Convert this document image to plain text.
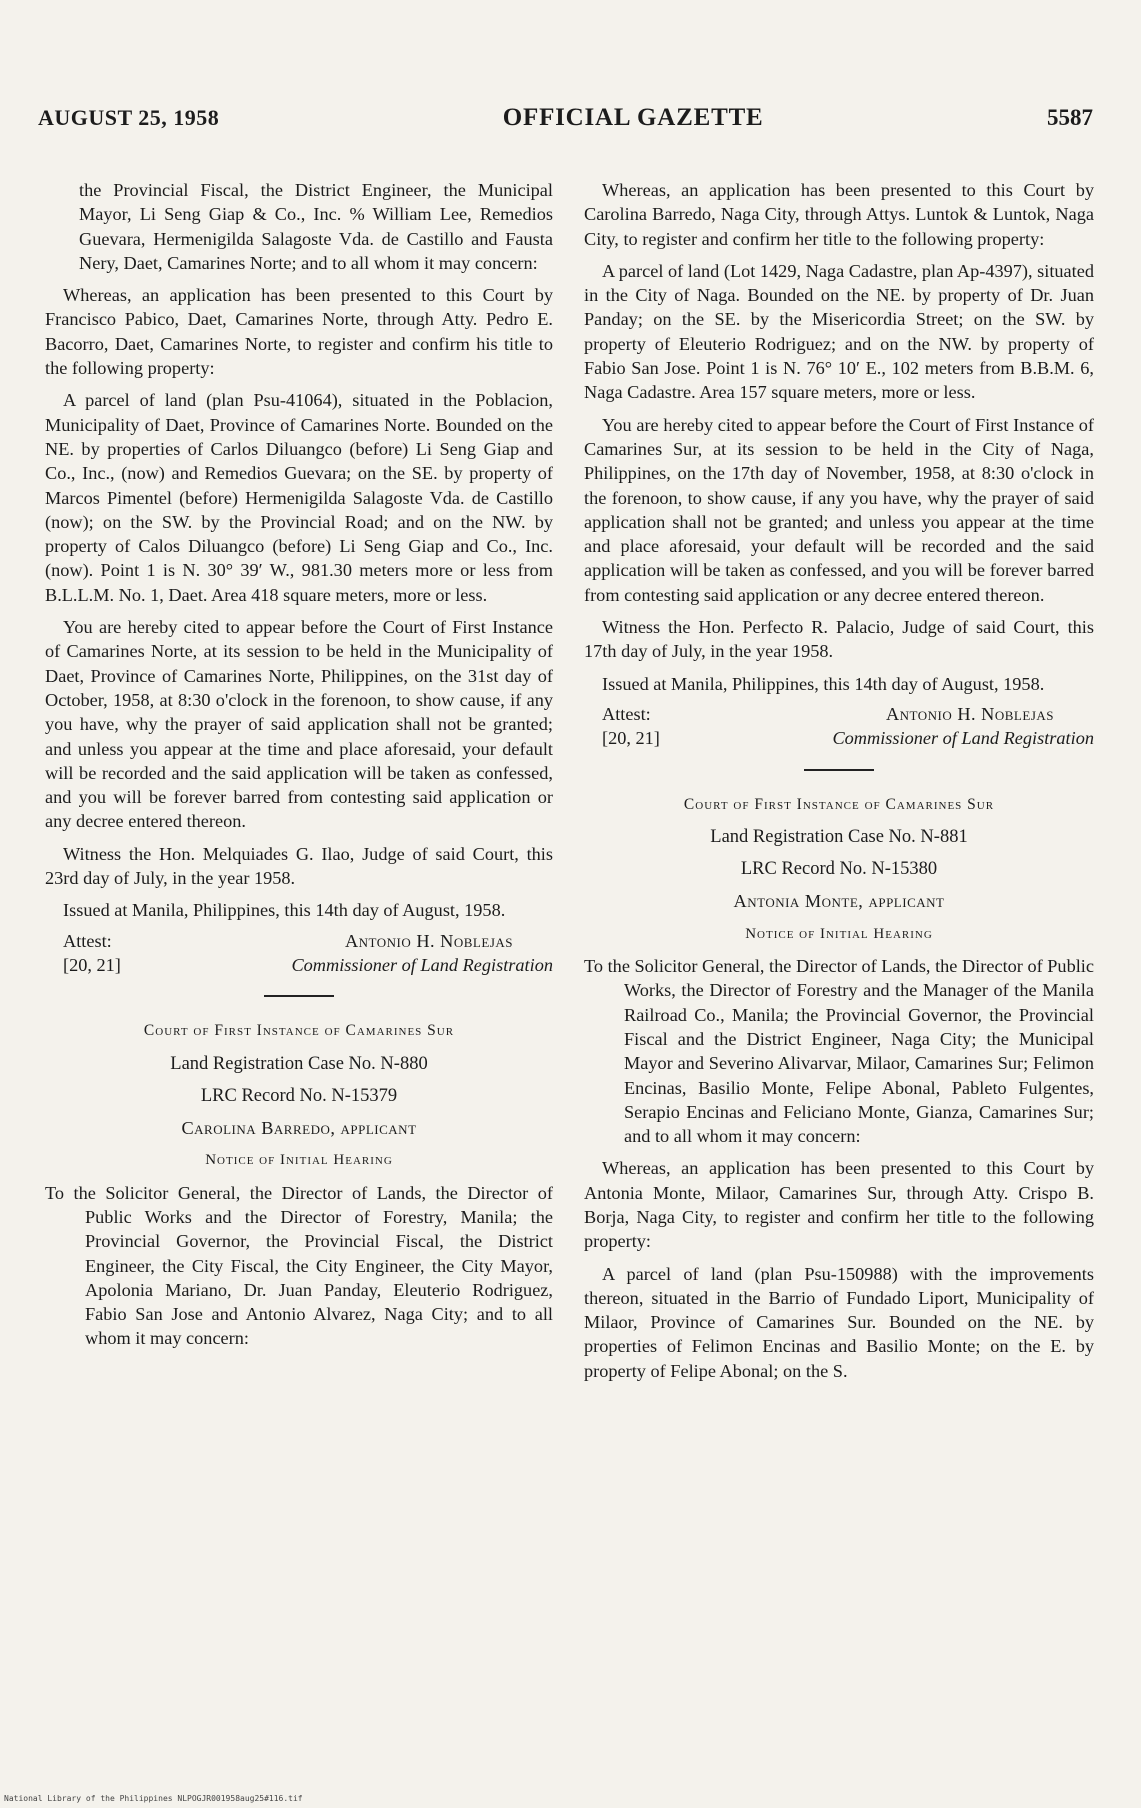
AUGUST 25, 1958	OFFICIAL GAZETTE	5587

the Provincial Fiscal, the District Engineer, the Municipal Mayor, Li Seng Giap & Co., Inc. % William Lee, Remedios Guevara, Hermenigilda Salagoste Vda. de Castillo and Fausta Nery, Daet, Camarines Norte; and to all whom it may concern:

Whereas, an application has been presented to this Court by Francisco Pabico, Daet, Camarines Norte, through Atty. Pedro E. Bacorro, Daet, Camarines Norte, to register and confirm his title to the following property:

A parcel of land (plan Psu-41064), situated in the Poblacion, Municipality of Daet, Province of Camarines Norte. Bounded on the NE. by properties of Carlos Diluangco (before) Li Seng Giap and Co., Inc., (now) and Remedios Guevara; on the SE. by property of Marcos Pimentel (before) Hermenigilda Salagoste Vda. de Castillo (now); on the SW. by the Provincial Road; and on the NW. by property of Calos Diluangco (before) Li Seng Giap and Co., Inc. (now). Point 1 is N. 30° 39′ W., 981.30 meters more or less from B.L.L.M. No. 1, Daet. Area 418 square meters, more or less.

You are hereby cited to appear before the Court of First Instance of Camarines Norte, at its session to be held in the Municipality of Daet, Province of Camarines Norte, Philippines, on the 31st day of October, 1958, at 8:30 o'clock in the forenoon, to show cause, if any you have, why the prayer of said application shall not be granted; and unless you appear at the time and place aforesaid, your default will be recorded and the said application will be taken as confessed, and you will be forever barred from contesting said application or any decree entered thereon.

Witness the Hon. Melquiades G. Ilao, Judge of said Court, this 23rd day of July, in the year 1958.

Issued at Manila, Philippines, this 14th day of August, 1958.

Attest:	Antonio H. Noblejas
[20, 21]	Commissioner of Land Registration

Court of First Instance of Camarines Sur

Land Registration Case No. N-880

LRC Record No. N-15379

Carolina Barredo, applicant

Notice of Initial Hearing

To the Solicitor General, the Director of Lands, the Director of Public Works and the Director of Forestry, Manila; the Provincial Governor, the Provincial Fiscal, the District Engineer, the City Fiscal, the City Engineer, the City Mayor, Apolonia Mariano, Dr. Juan Panday, Eleuterio Rodriguez, Fabio San Jose and Antonio Alvarez, Naga City; and to all whom it may concern:

Whereas, an application has been presented to this Court by Carolina Barredo, Naga City, through Attys. Luntok & Luntok, Naga City, to register and confirm her title to the following property:

A parcel of land (Lot 1429, Naga Cadastre, plan Ap-4397), situated in the City of Naga. Bounded on the NE. by property of Dr. Juan Panday; on the SE. by the Misericordia Street; on the SW. by property of Eleuterio Rodriguez; and on the NW. by property of Fabio San Jose. Point 1 is N. 76° 10′ E., 102 meters from B.B.M. 6, Naga Cadastre. Area 157 square meters, more or less.

You are hereby cited to appear before the Court of First Instance of Camarines Sur, at its session to be held in the City of Naga, Philippines, on the 17th day of November, 1958, at 8:30 o'clock in the forenoon, to show cause, if any you have, why the prayer of said application shall not be granted; and unless you appear at the time and place aforesaid, your default will be recorded and the said application will be taken as confessed, and you will be forever barred from contesting said application or any decree entered thereon.

Witness the Hon. Perfecto R. Palacio, Judge of said Court, this 17th day of July, in the year 1958.

Issued at Manila, Philippines, this 14th day of August, 1958.

Attest:	Antonio H. Noblejas
[20, 21]	Commissioner of Land Registration

Court of First Instance of Camarines Sur

Land Registration Case No. N-881

LRC Record No. N-15380

Antonia Monte, applicant

Notice of Initial Hearing

To the Solicitor General, the Director of Lands, the Director of Public Works, the Director of Forestry and the Manager of the Manila Railroad Co., Manila; the Provincial Governor, the Provincial Fiscal and the District Engineer, Naga City; the Municipal Mayor and Severino Alivarvar, Milaor, Camarines Sur; Felimon Encinas, Basilio Monte, Felipe Abonal, Pableto Fulgentes, Serapio Encinas and Feliciano Monte, Gianza, Camarines Sur; and to all whom it may concern:

Whereas, an application has been presented to this Court by Antonia Monte, Milaor, Camarines Sur, through Atty. Crispo B. Borja, Naga City, to register and confirm her title to the following property:

A parcel of land (plan Psu-150988) with the improvements thereon, situated in the Barrio of Fundado Liport, Municipality of Milaor, Province of Camarines Sur. Bounded on the NE. by properties of Felimon Encinas and Basilio Monte; on the E. by property of Felipe Abonal; on the S.

National Library of the Philippines NLPOGJR001958aug25#116.tif
